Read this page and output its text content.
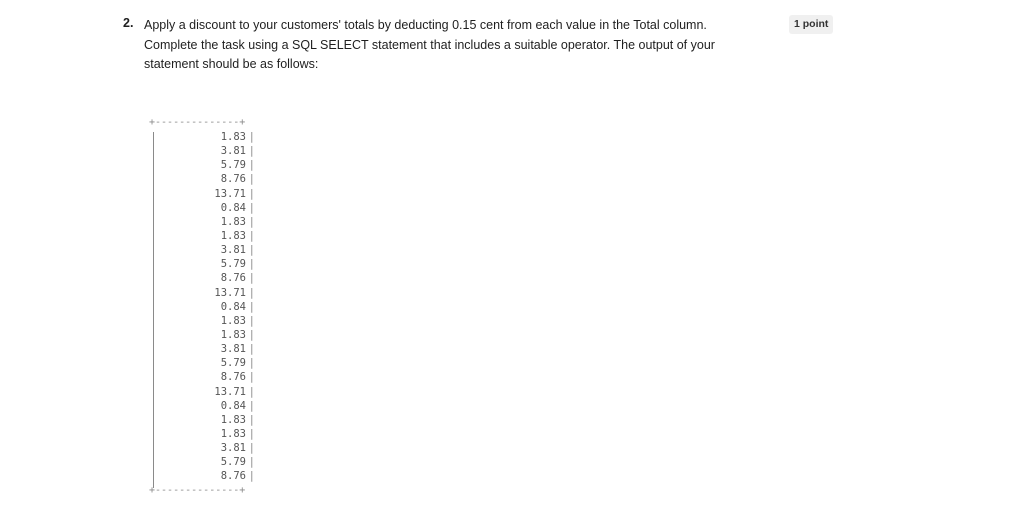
2. Apply a discount to your customers' totals by deducting 0.15 cent from each value in the Total column. Complete the task using a SQL SELECT statement that includes a suitable operator. The output of your statement should be as follows:
1 point
+--------------+
1.83 |
3.81 |
5.79 |
8.76 |
13.71 |
0.84 |
1.83 |
1.83 |
3.81 |
5.79 |
8.76 |
13.71 |
0.84 |
1.83 |
1.83 |
3.81 |
5.79 |
8.76 |
13.71 |
0.84 |
1.83 |
1.83 |
3.81 |
5.79 |
8.76 |
+--------------+
